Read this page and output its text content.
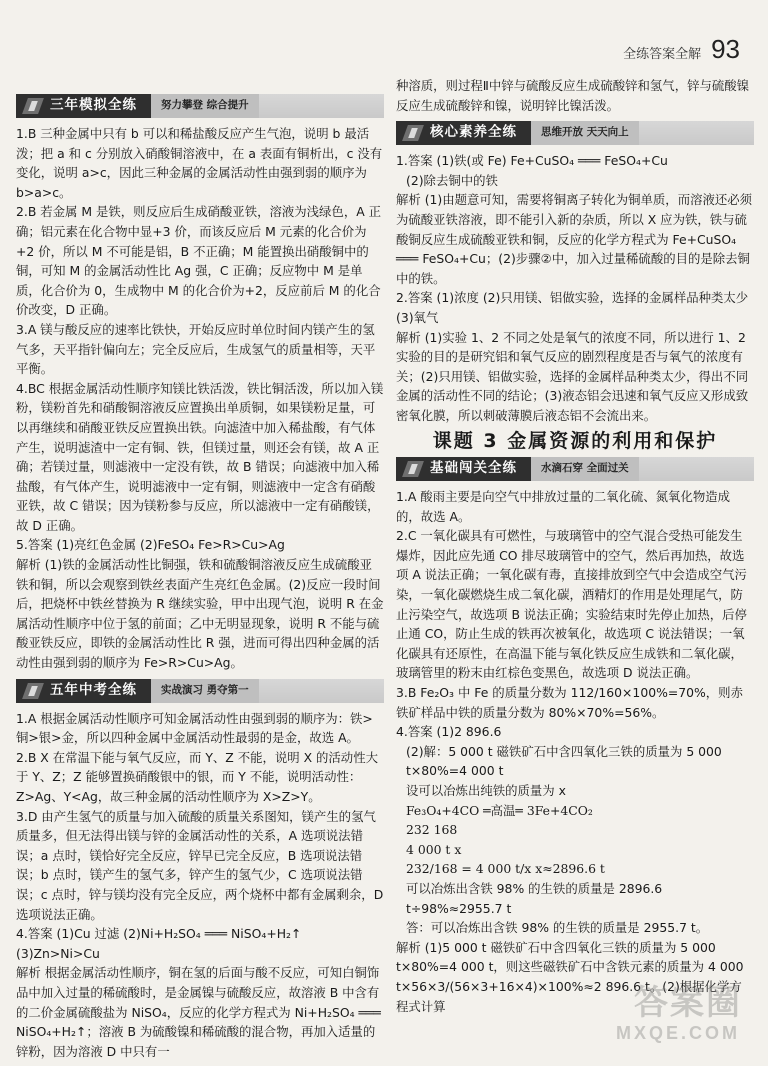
全练答案全解 93
三年模拟全练	努力攀登 综合提升

1.B 三种金属中只有 b 可以和稀盐酸反应产生气泡，说明 b 最活泼；把 a 和 c 分别放入硝酸铜溶液中，在 a 表面有铜析出，c 没有变化，说明 a>c，因此三种金属的金属活动性由强到弱的顺序为 b>a>c。

2.B 若金属 M 是铁，则反应后生成硝酸亚铁，溶液为浅绿色，A 正确；铝元素在化合物中显+3 价，而该反应后 M 元素的化合价为+2 价，所以 M 不可能是铝，B 不正确；M 能置换出硝酸铜中的铜，可知 M 的金属活动性比 Ag 强，C 正确；反应物中 M 是单质，化合价为 0，生成物中 M 的化合价为+2，反应前后 M 的化合价改变，D 正确。

3.A 镁与酸反应的速率比铁快，开始反应时单位时间内镁产生的氢气多，天平指针偏向左；完全反应后，生成氢气的质量相等，天平平衡。

4.BC 根据金属活动性顺序知镁比铁活泼，铁比铜活泼，所以加入镁粉，镁粉首先和硝酸铜溶液反应置换出单质铜，如果镁粉足量，可以再继续和硝酸亚铁反应置换出铁。向滤渣中加入稀盐酸，有气体产生，说明滤渣中一定有铜、铁，但镁过量，则还会有镁，故 A 正确；若镁过量，则滤液中一定没有铁，故 B 错误；向滤液中加入稀盐酸，有气体产生，说明滤液中一定有铜，则滤液中一定含有硝酸亚铁，故 C 错误；因为镁粉参与反应，所以滤液中一定有硝酸镁，故 D 正确。

5.答案 (1)亮红色金属 (2)FeSO₄ Fe>R>Cu>Ag

解析 (1)铁的金属活动性比铜强，铁和硫酸铜溶液反应生成硫酸亚铁和铜，所以会观察到铁丝表面产生亮红色金属。(2)反应一段时间后，把烧杯中铁丝替换为 R 继续实验，甲中出现气泡，说明 R 在金属活动性顺序中位于氢的前面；乙中无明显现象，说明 R 不能与硫酸亚铁反应，即铁的金属活动性比 R 强，进而可得出四种金属的活动性由强到弱的顺序为 Fe>R>Cu>Ag。

五年中考全练	实战演习 勇夺第一

1.A 根据金属活动性顺序可知金属活动性由强到弱的顺序为：铁>铜>银>金，所以四种金属中金属活动性最弱的是金，故选 A。

2.B X 在常温下能与氧气反应，而 Y、Z 不能，说明 X 的活动性大于 Y、Z；Z 能够置换硝酸银中的银，而 Y 不能，说明活动性：Z>Ag、Y<Ag，故三种金属的活动性顺序为 X>Z>Y。

3.D 由产生氢气的质量与加入硫酸的质量关系图知，镁产生的氢气质量多，但无法得出镁与锌的金属活动性的关系，A 选项说法错误；a 点时，镁恰好完全反应，锌早已完全反应，B 选项说法错误；b 点时，镁产生的氢气多，锌产生的氢气少，C 选项说法错误；c 点时，锌与镁均没有完全反应，两个烧杯中都有金属剩余，D 选项说法正确。

4.答案 (1)Cu 过滤 (2)Ni+H₂SO₄ ═══ NiSO₄+H₂↑ (3)Zn>Ni>Cu

解析 根据金属活动性顺序，铜在氢的后面与酸不反应，可知白铜饰品中加入过量的稀硫酸时，是金属镍与硫酸反应，故溶液 B 中含有的二价金属硫酸盐为 NiSO₄，反应的化学方程式为 Ni+H₂SO₄ ═══ NiSO₄+H₂↑；溶液 B 为硫酸镍和稀硫酸的混合物，再加入适量的锌粉，因为溶液 D 中只有一

种溶质，则过程Ⅱ中锌与硫酸反应生成硫酸锌和氢气，锌与硫酸镍反应生成硫酸锌和镍，说明锌比镍活泼。

核心素养全练	思维开放 天天向上

1.答案 (1)铁(或 Fe) Fe+CuSO₄ ═══ FeSO₄+Cu

(2)除去铜中的铁

解析 (1)由题意可知，需要将铜离子转化为铜单质，而溶液还必须为硫酸亚铁溶液，即不能引入新的杂质，所以 X 应为铁，铁与硫酸铜反应生成硫酸亚铁和铜，反应的化学方程式为 Fe+CuSO₄ ═══ FeSO₄+Cu；(2)步骤②中，加入过量稀硫酸的目的是除去铜中的铁。

2.答案 (1)浓度 (2)只用镁、铝做实验，选择的金属样品种类太少 (3)氧气

解析 (1)实验 1、2 不同之处是氧气的浓度不同，所以进行 1、2 实验的目的是研究铝和氧气反应的剧烈程度是否与氧气的浓度有关；(2)只用镁、铝做实验，选择的金属样品种类太少，得出不同金属的活动性不同的结论；(3)液态铝会迅速和氧气反应又形成致密氧化膜，所以刺破薄膜后液态铝不会流出来。

课题 3 金属资源的利用和保护
基础闯关全练	水滴石穿 全面过关

1.A 酸雨主要是向空气中排放过量的二氧化硫、氮氧化物造成的，故选 A。

2.C 一氧化碳具有可燃性，与玻璃管中的空气混合受热可能发生爆炸，因此应先通 CO 排尽玻璃管中的空气，然后再加热，故选项 A 说法正确；一氧化碳有毒，直接排放到空气中会造成空气污染，一氧化碳燃烧生成二氧化碳，酒精灯的作用是处理尾气，防止污染空气，故选项 B 说法正确；实验结束时先停止加热，后停止通 CO，防止生成的铁再次被氧化，故选项 C 说法错误；一氧化碳具有还原性，在高温下能与氧化铁反应生成铁和二氧化碳，玻璃管里的粉末由红棕色变黑色，故选项 D 说法正确。

3.B Fe₂O₃ 中 Fe 的质量分数为 112/160×100%=70%，则赤铁矿样品中铁的质量分数为 80%×70%=56%。

4.答案 (1)2 896.6

(2)解：5 000 t 磁铁矿石中含四氧化三铁的质量为 5 000 t×80%=4 000 t

设可以冶炼出纯铁的质量为 x

Fe₃O₄+4CO ═高温═ 3Fe+4CO₂

232 168

4 000 t x

232/168 = 4 000 t/x x≈2896.6 t

可以冶炼出含铁 98% 的生铁的质量是 2896.6 t÷98%≈2955.7 t

答：可以冶炼出含铁 98% 的生铁的质量是 2955.7 t。

解析 (1)5 000 t 磁铁矿石中含四氧化三铁的质量为 5 000 t×80%=4 000 t，则这些磁铁矿石中含铁元素的质量为 4 000 t×56×3/(56×3+16×4)×100%≈2 896.6 t。(2)根据化学方程式计算	答案圈
MXQE.COM
